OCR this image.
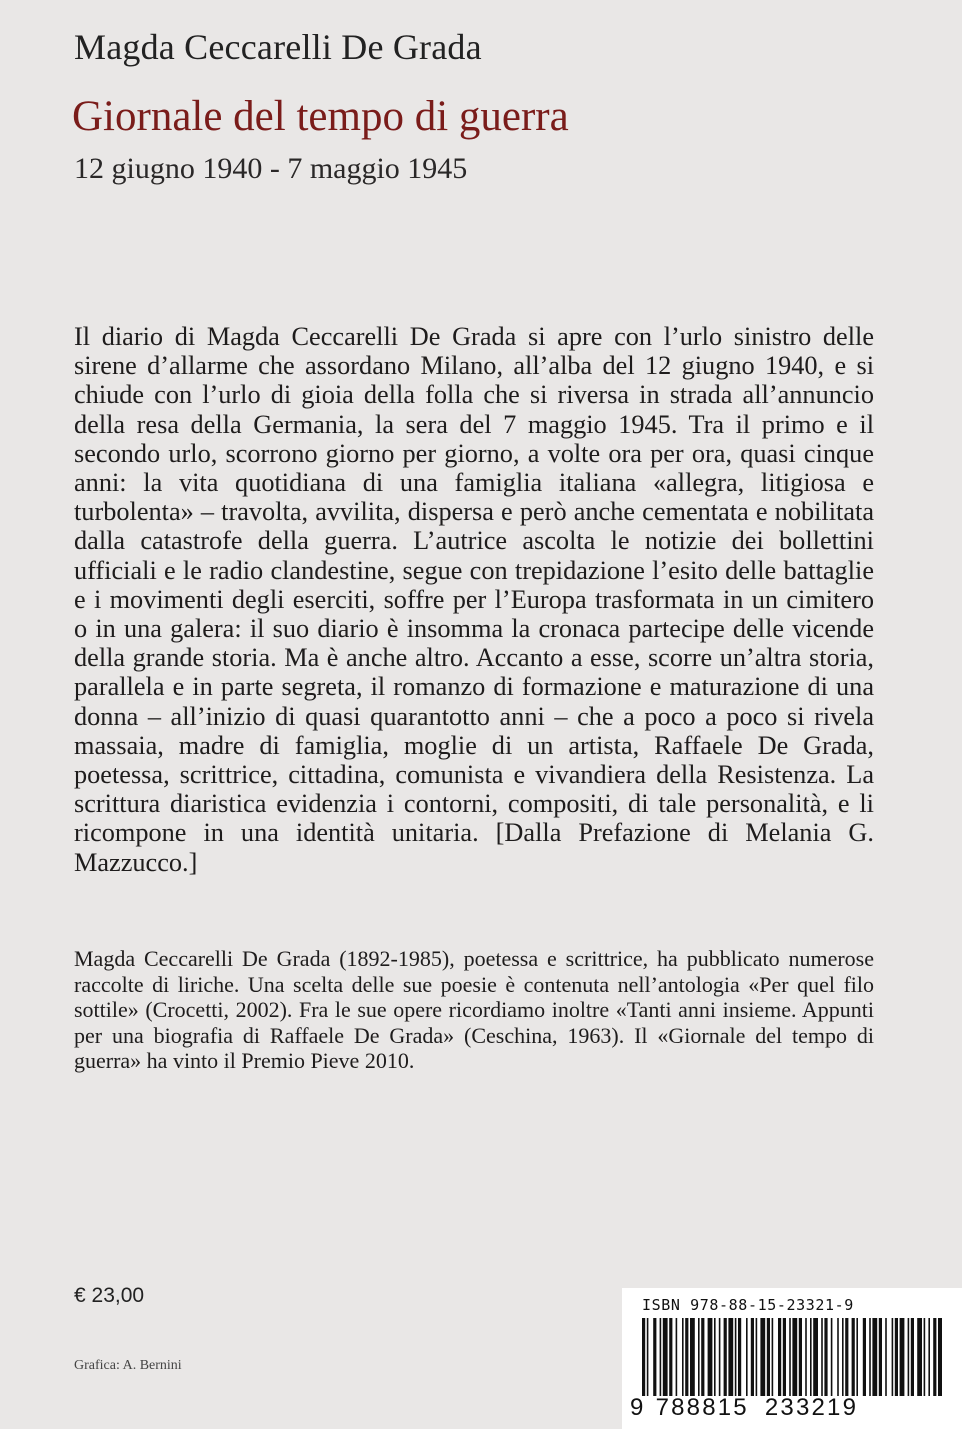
Magda Ceccarelli De Grada
Giornale del tempo di guerra
12 giugno 1940 - 7 maggio 1945
Il diario di Magda Ceccarelli De Grada si apre con l’urlo sinistro delle sirene d’allarme che assordano Milano, all’alba del 12 giugno 1940, e si chiude con l’urlo di gioia della folla che si riversa in strada all’annuncio della resa della Germania, la sera del 7 maggio 1945. Tra il primo e il secondo urlo, scorrono giorno per giorno, a volte ora per ora, quasi cinque anni: la vita quotidiana di una famiglia italiana «allegra, litigiosa e turbolenta» – travolta, avvilita, dispersa e però anche cementata e nobilitata dalla catastrofe della guerra. L’autrice ascolta le notizie dei bollettini ufficiali e le radio clandestine, segue con trepidazione l’esito delle battaglie e i movimenti degli eserciti, soffre per l’Europa trasformata in un cimitero o in una galera: il suo diario è insomma la cronaca partecipe delle vicende della grande storia. Ma è anche altro. Accanto a esse, scorre un’altra storia, parallela e in parte segreta, il romanzo di formazione e maturazione di una donna – all’inizio di quasi quarantotto anni – che a poco a poco si rivela massaia, madre di famiglia, moglie di un artista, Raffaele De Grada, poetessa, scrittrice, cittadina, comunista e vivandiera della Resistenza. La scrittura diaristica evidenzia i contorni, compositi, di tale personalità, e li ricompone in una identità unitaria. [Dalla Prefazione di Melania G. Mazzucco.]
Magda Ceccarelli De Grada (1892-1985), poetessa e scrittrice, ha pubblicato numerose raccolte di liriche. Una scelta delle sue poesie è contenuta nell’antologia «Per quel filo sottile» (Crocetti, 2002). Fra le sue opere ricordiamo inoltre «Tanti anni insieme. Appunti per una biografia di Raffaele De Grada» (Ceschina, 1963). Il «Giornale del tempo di guerra» ha vinto il Premio Pieve 2010.
€ 23,00
Grafica: A. Bernini
ISBN 978-88-15-23321-9
9 788815 233219
